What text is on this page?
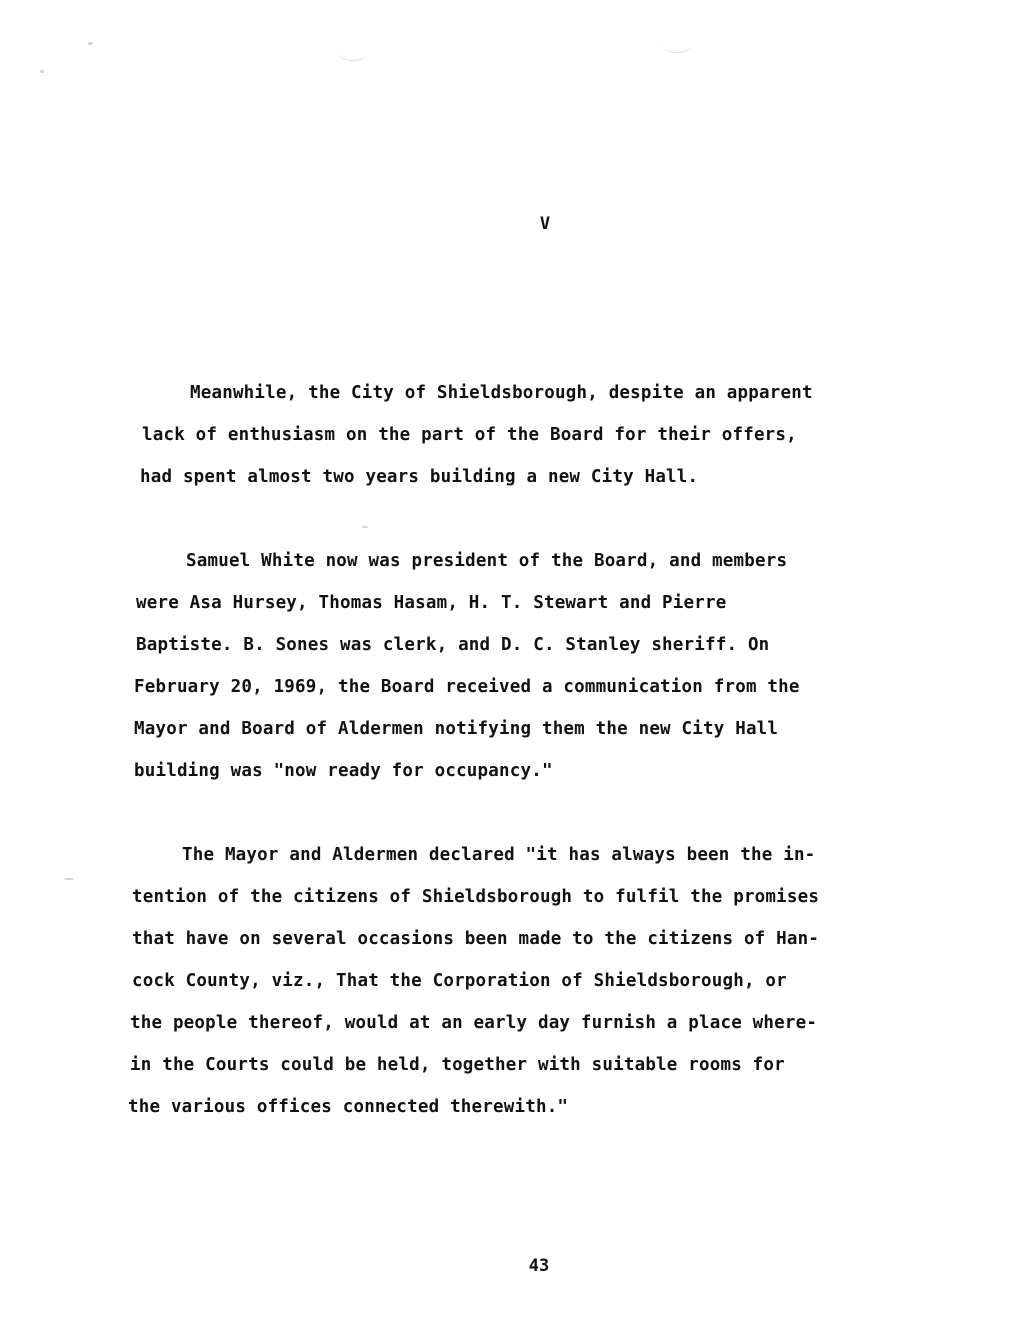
V
Meanwhile, the City of Shieldsborough, despite an apparent
lack of enthusiasm on the part of the Board for their offers,
had spent almost two years building a new City Hall.
Samuel White now was president of the Board, and members
were Asa Hursey, Thomas Hasam, H. T. Stewart and Pierre
Baptiste. B. Sones was clerk, and D. C. Stanley sheriff. On
February 20, 1969, the Board received a communication from the
Mayor and Board of Aldermen notifying them the new City Hall
building was "now ready for occupancy."
The Mayor and Aldermen declared "it has always been the in-
tention of the citizens of Shieldsborough to fulfil the promises
that have on several occasions been made to the citizens of Han-
cock County, viz., That the Corporation of Shieldsborough, or
the people thereof, would at an early day furnish a place where-
in the Courts could be held, together with suitable rooms for
the various offices connected therewith."
43
